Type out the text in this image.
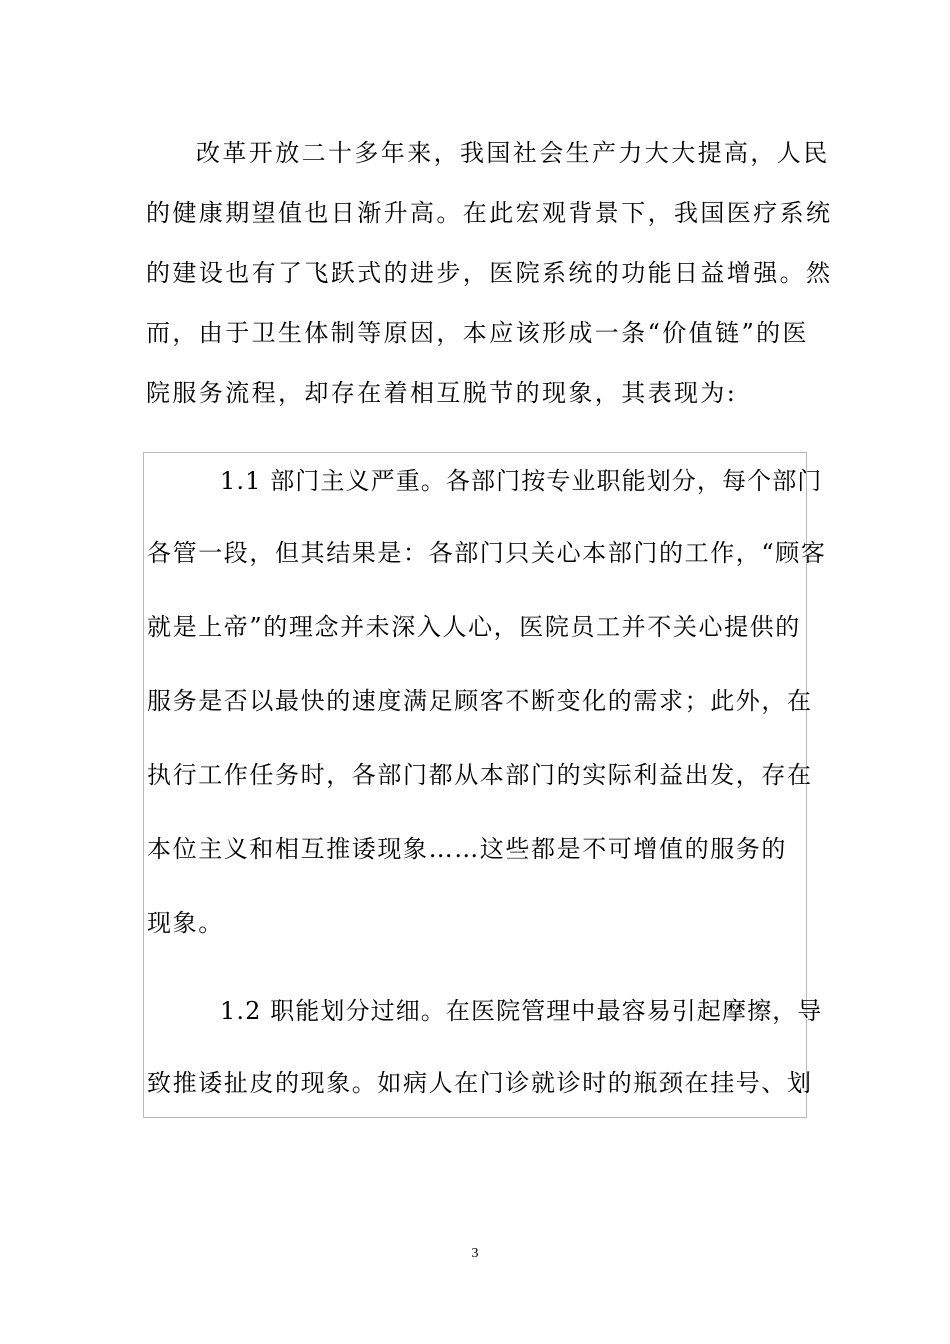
改革开放二十多年来，我国社会生产力大大提高，人民
的健康期望值也日渐升高。在此宏观背景下，我国医疗系统
的建设也有了飞跃式的进步，医院系统的功能日益增强。然
而，由于卫生体制等原因，本应该形成一条“价值链”的医
院服务流程，却存在着相互脱节的现象，其表现为:
1.1 部门主义严重。各部门按专业职能划分，每个部门
各管一段，但其结果是：各部门只关心本部门的工作，“顾客
就是上帝”的理念并未深入人心，医院员工并不关心提供的
服务是否以最快的速度满足顾客不断变化的需求；此外，在
执行工作任务时，各部门都从本部门的实际利益出发，存在
本位主义和相互推诿现象……这些都是不可增值的服务的
现象。
1.2 职能划分过细。在医院管理中最容易引起摩擦，导
致推诿扯皮的现象。如病人在门诊就诊时的瓶颈在挂号、划
3
